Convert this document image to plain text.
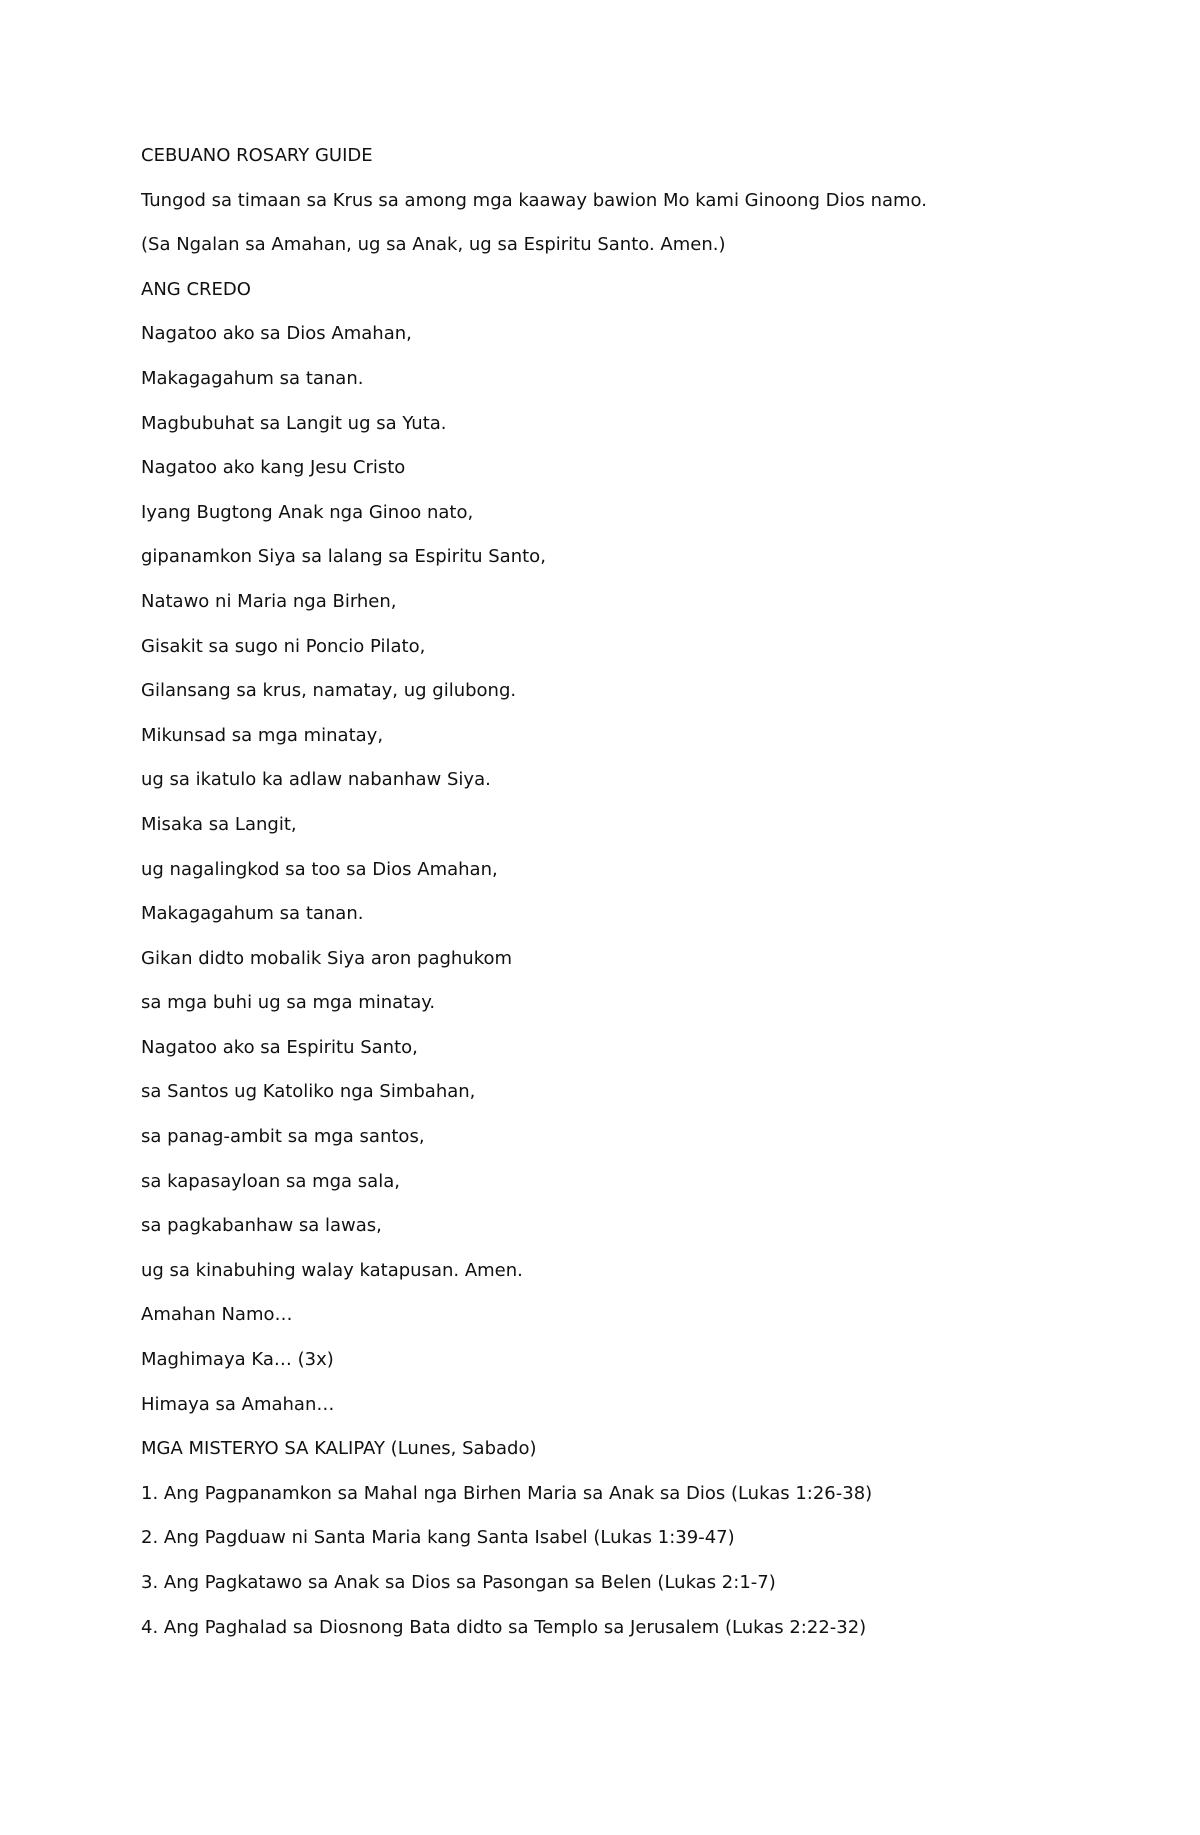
CEBUANO ROSARY GUIDE
Tungod sa timaan sa Krus sa among mga kaaway bawion Mo kami Ginoong Dios namo.
(Sa Ngalan sa Amahan, ug sa Anak, ug sa Espiritu Santo. Amen.)
ANG CREDO
Nagatoo ako sa Dios Amahan,
Makagagahum sa tanan.
Magbubuhat sa Langit ug sa Yuta.
Nagatoo ako kang Jesu Cristo
Iyang Bugtong Anak nga Ginoo nato,
gipanamkon Siya sa lalang sa Espiritu Santo,
Natawo ni Maria nga Birhen,
Gisakit sa sugo ni Poncio Pilato,
Gilansang sa krus, namatay, ug gilubong.
Mikunsad sa mga minatay,
ug sa ikatulo ka adlaw nabanhaw Siya.
Misaka sa Langit,
ug nagalingkod sa too sa Dios Amahan,
Makagagahum sa tanan.
Gikan didto mobalik Siya aron paghukom
sa mga buhi ug sa mga minatay.
Nagatoo ako sa Espiritu Santo,
sa Santos ug Katoliko nga Simbahan,
sa panag-ambit sa mga santos,
sa kapasayloan sa mga sala,
sa pagkabanhaw sa lawas,
ug sa kinabuhing walay katapusan. Amen.
Amahan Namo…
Maghimaya Ka… (3x)
Himaya sa Amahan…
MGA MISTERYO SA KALIPAY (Lunes, Sabado)
1. Ang Pagpanamkon sa Mahal nga Birhen Maria sa Anak sa Dios (Lukas 1:26-38)
2. Ang Pagduaw ni Santa Maria kang Santa Isabel (Lukas 1:39-47)
3. Ang Pagkatawo sa Anak sa Dios sa Pasongan sa Belen (Lukas 2:1-7)
4. Ang Paghalad sa Diosnong Bata didto sa Templo sa Jerusalem (Lukas 2:22-32)
